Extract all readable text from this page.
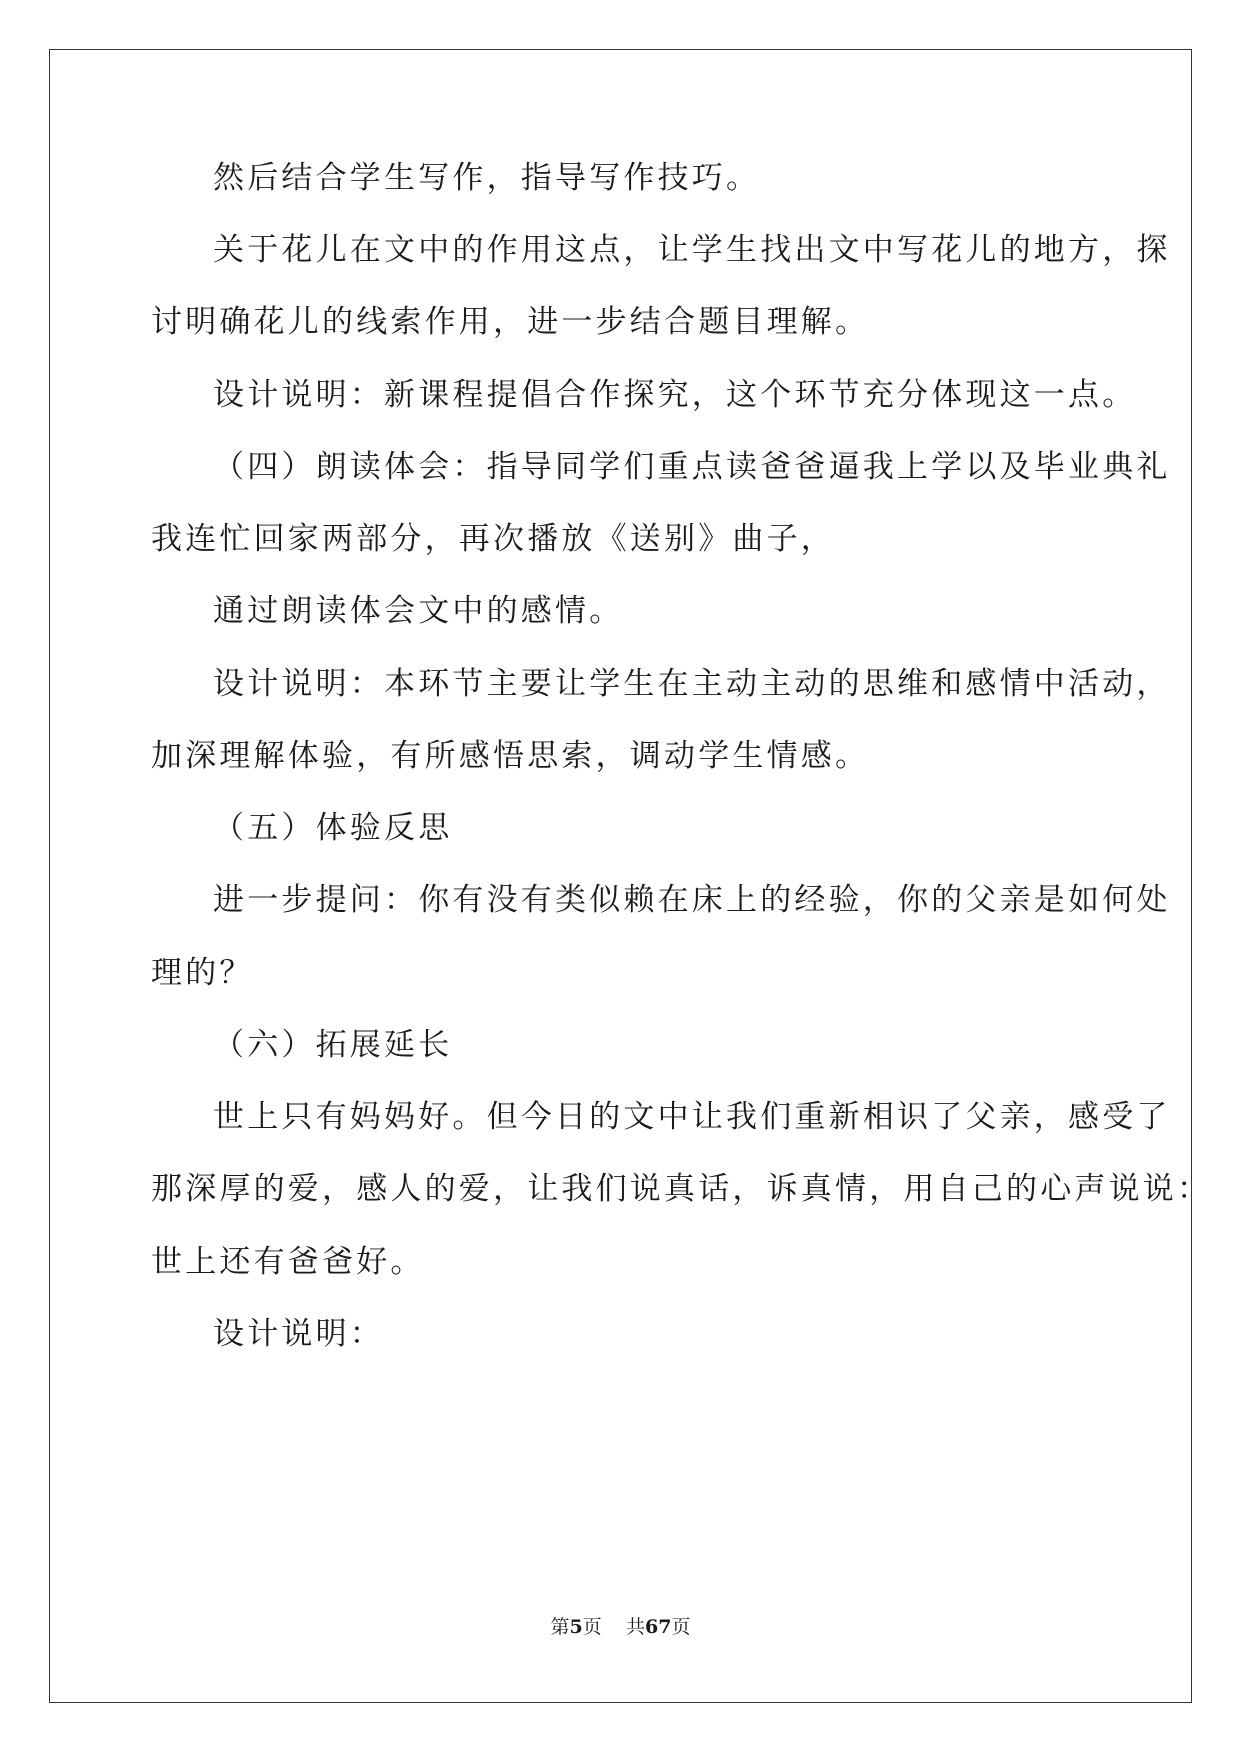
然后结合学生写作，指导写作技巧。
关于花儿在文中的作用这点，让学生找出文中写花儿的地方，探
讨明确花儿的线索作用，进一步结合题目理解。
设计说明：新课程提倡合作探究，这个环节充分体现这一点。
（四）朗读体会：指导同学们重点读爸爸逼我上学以及毕业典礼
我连忙回家两部分，再次播放《送别》曲子，
通过朗读体会文中的感情。
设计说明：本环节主要让学生在主动主动的思维和感情中活动，
加深理解体验，有所感悟思索，调动学生情感。
（五）体验反思
进一步提问：你有没有类似赖在床上的经验，你的父亲是如何处
理的？
（六）拓展延长
世上只有妈妈好。但今日的文中让我们重新相识了父亲，感受了
那深厚的爱，感人的爱，让我们说真话，诉真情，用自己的心声说说：
世上还有爸爸好。
设计说明：
第5页 共67页
